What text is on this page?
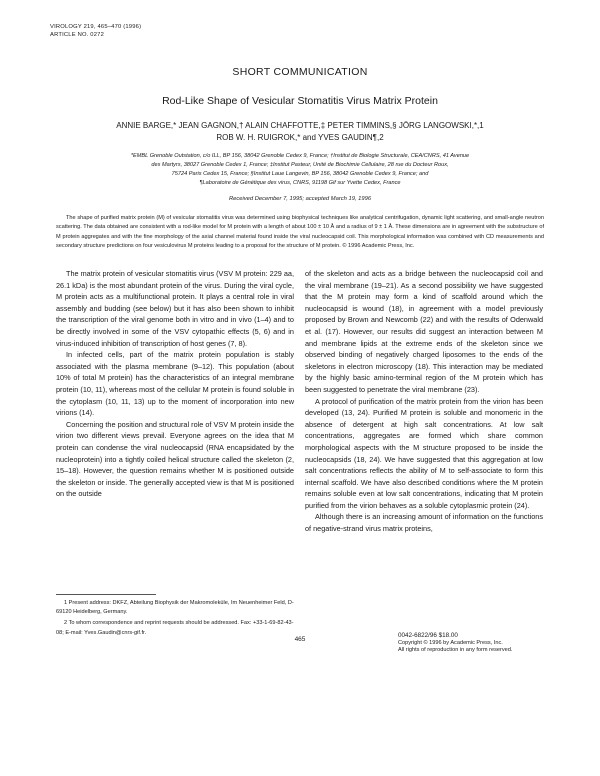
VIROLOGY 219, 465–470 (1996)
ARTICLE NO. 0272
SHORT COMMUNICATION
Rod-Like Shape of Vesicular Stomatitis Virus Matrix Protein
ANNIE BARGE,* JEAN GAGNON,† ALAIN CHAFFOTTE,‡ PETER TIMMINS,§ JÖRG LANGOWSKI,*,1
ROB W. H. RUIGROK,* and YVES GAUDIN¶,2
*EMBL Grenoble Outstation, c/o ILL, BP 156, 38042 Grenoble Cedex 9, France; †Institut de Biologie Structurale, CEA/CNRS, 41 Avenue
des Martyrs, 38027 Grenoble Cedex 1, France; ‡Institut Pasteur, Unité de Biochimie Cellulaire, 28 rue du Docteur Roux,
75724 Paris Cedex 15, France; §Institut Laue Langevin, BP 156, 38042 Grenoble Cedex 9, France; and
¶Laboratoire de Génétique des virus, CNRS, 91198 Gif sur Yvette Cedex, France
Received December 7, 1995; accepted March 19, 1996

The shape of purified matrix protein (M) of vesicular stomatitis virus was determined using biophysical techniques like analytical centrifugation, dynamic light scattering, and small-angle neutron scattering. The data obtained are consistent with a rod-like model for M protein with a length of about 100 ± 10 Å and a radius of 9 ± 1 Å. These dimensions are in agreement with the substructure of M protein aggregates and with the fine morphology of the axial channel material found inside the viral nucleocapsid coil. This morphological information was combined with CD measurements and secondary structure predictions on four vesiculovirus M proteins leading to a proposal for the structure of M protein. © 1996 Academic Press, Inc.

The matrix protein of vesicular stomatitis virus (VSV M protein: 229 aa, 26.1 kDa) is the most abundant protein of the virus. During the viral cycle, M protein acts as a multifunctional protein. It plays a central role in viral assembly and budding (see below) but it has also been shown to inhibit the transcription of the viral genome both in vitro and in vivo (1–4) and to be directly involved in some of the VSV cytopathic effects (5, 6) and in virus-induced inhibition of transcription of host genes (7, 8).

In infected cells, part of the matrix protein population is stably associated with the plasma membrane (9–12). This population (about 10% of total M protein) has the characteristics of an integral membrane protein (10, 11), whereas most of the cellular M protein is found soluble in the cytoplasm (10, 11, 13) up to the moment of incorporation into new virions (14).

Concerning the position and structural role of VSV M protein inside the virion two different views prevail. Everyone agrees on the idea that M protein can condense the viral nucleocapsid (RNA encapsidated by the nucleoprotein) into a tightly coiled helical structure called the skeleton (2, 15–18). However, the question remains whether M is positioned outside the skeleton or inside. The generally accepted view is that M is positioned on the outside

of the skeleton and acts as a bridge between the nucleocapsid coil and the viral membrane (19–21). As a second possibility we have suggested that the M protein may form a kind of scaffold around which the nucleocapsid is wound (18), in agreement with a model previously proposed by Brown and Newcomb (22) and with the results of Odenwald et al. (17). However, our results did suggest an interaction between M and membrane lipids at the extreme ends of the skeleton since we observed binding of negatively charged liposomes to the ends of the skeletons in electron microscopy (18). This interaction may be mediated by the highly basic amino-terminal region of the M protein which has been suggested to penetrate the viral membrane (23).

A protocol of purification of the matrix protein from the virion has been developed (13, 24). Purified M protein is soluble and monomeric in the absence of detergent at high salt concentrations. At low salt concentrations, aggregates are formed which share common morphological aspects with the M structure proposed to be inside the nucleocapsids (18, 24). We have suggested that this aggregation at low salt concentrations reflects the ability of M to self-associate to form this internal scaffold. We have also described conditions where the M protein remains soluble even at low salt concentrations, indicating that M protein purified from the virion behaves as a soluble cytoplasmic protein (24).

Although there is an increasing amount of information on the functions of negative-strand virus matrix proteins,

1 Present address: DKFZ, Abteilung Biophysik der Makromoleküle, Im Neuenheimer Feld, D-69120 Heidelberg, Germany.

2 To whom correspondence and reprint requests should be addressed. Fax: +33-1-69-82-43-08; E-mail: Yves.Gaudin@cnrs-gif.fr.

465
0042-6822/96 $18.00
Copyright © 1996 by Academic Press, Inc.
All rights of reproduction in any form reserved.
